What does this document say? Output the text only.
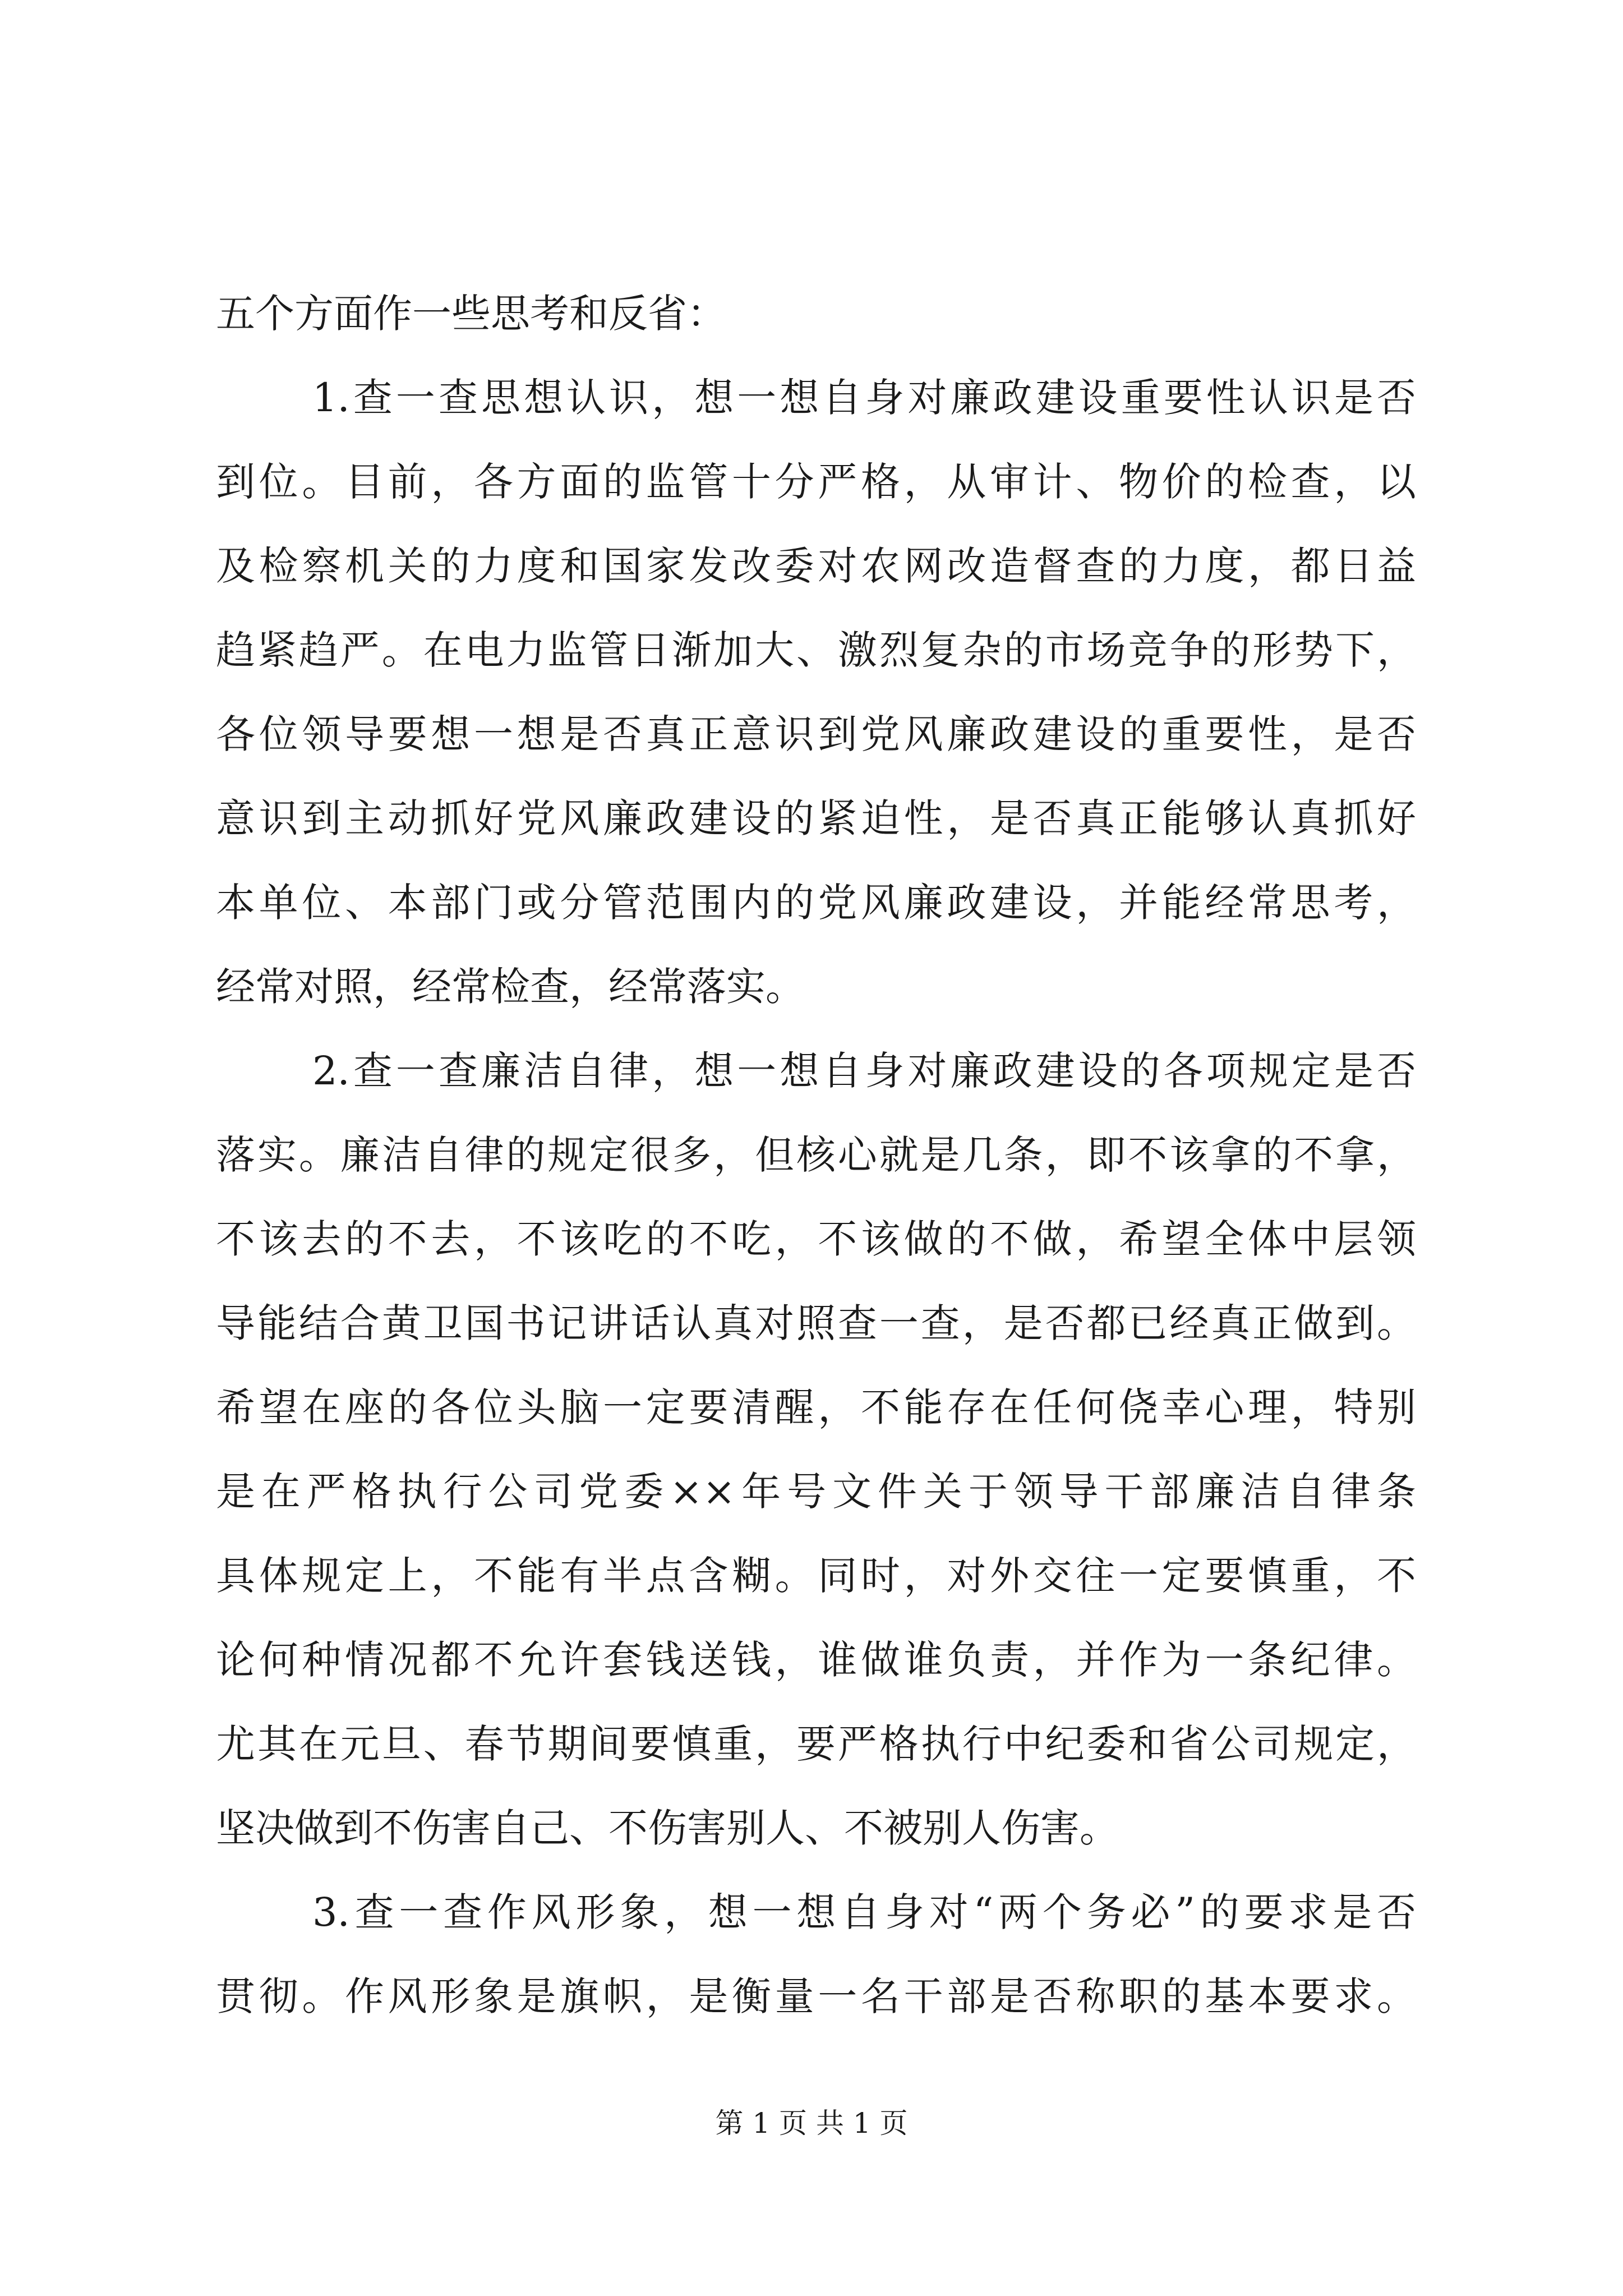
五个方面作一些思考和反省：
1.查一查思想认识，想一想自身对廉政建设重要性认识是否
到位。目前，各方面的监管十分严格，从审计、物价的检查，以
及检察机关的力度和国家发改委对农网改造督查的力度，都日益
趋紧趋严。在电力监管日渐加大、激烈复杂的市场竞争的形势下，
各位领导要想一想是否真正意识到党风廉政建设的重要性，是否
意识到主动抓好党风廉政建设的紧迫性，是否真正能够认真抓好
本单位、本部门或分管范围内的党风廉政建设，并能经常思考，
经常对照，经常检查，经常落实。
2.查一查廉洁自律，想一想自身对廉政建设的各项规定是否
落实。廉洁自律的规定很多，但核心就是几条，即不该拿的不拿，
不该去的不去，不该吃的不吃，不该做的不做，希望全体中层领
导能结合黄卫国书记讲话认真对照查一查，是否都已经真正做到。
希望在座的各位头脑一定要清醒，不能存在任何侥幸心理，特别
是在严格执行公司党委××年号文件关于领导干部廉洁自律条
具体规定上，不能有半点含糊。同时，对外交往一定要慎重，不
论何种情况都不允许套钱送钱，谁做谁负责，并作为一条纪律。
尤其在元旦、春节期间要慎重，要严格执行中纪委和省公司规定，
坚决做到不伤害自己、不伤害别人、不被别人伤害。
3.查一查作风形象，想一想自身对“两个务必”的要求是否
贯彻。作风形象是旗帜，是衡量一名干部是否称职的基本要求。
第 1 页 共 1 页
